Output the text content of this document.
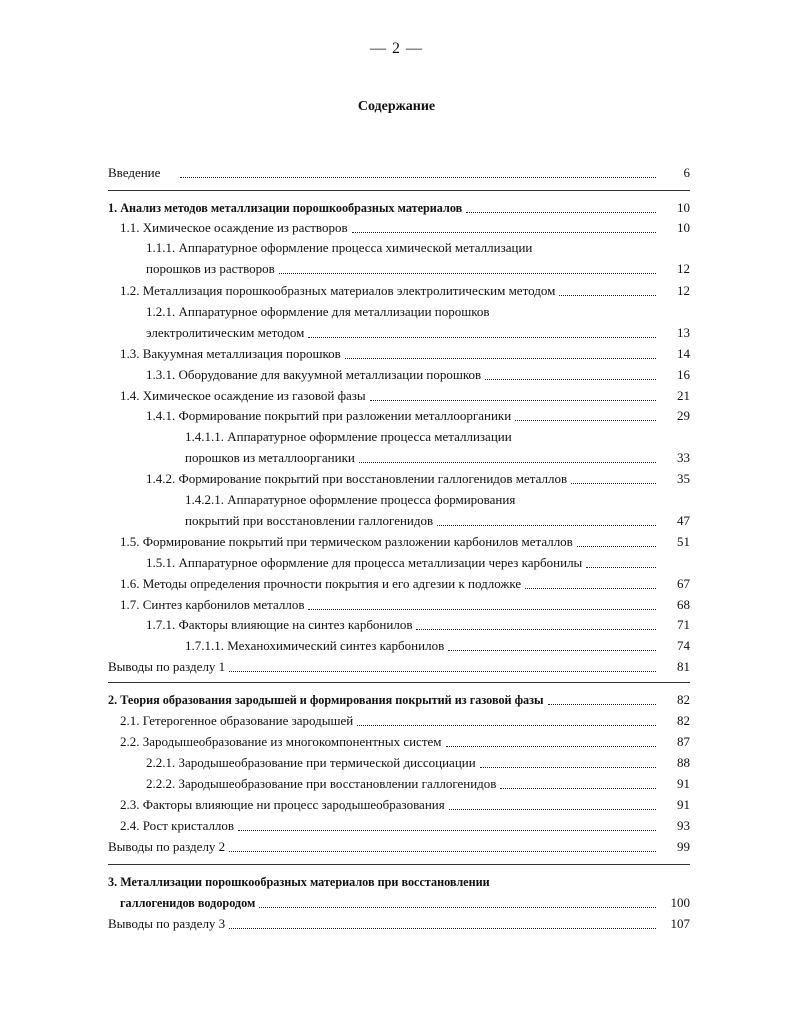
— 2 —
Содержание
Введение	6
1. Анализ методов металлизации порошкообразных материалов	10
1.1. Химическое осаждение из растворов	10
1.1.1. Аппаратурное оформление процесса химической металлизации
порошков из растворов	12
1.2. Металлизация порошкообразных материалов электролитическим методом	12
1.2.1. Аппаратурное оформление для металлизации порошков
электролитическим методом	13
1.3. Вакуумная металлизация порошков	14
1.3.1. Оборудование для вакуумной металлизации порошков	16
1.4. Химическое осаждение из газовой фазы	21
1.4.1. Формирование покрытий при разложении металлоорганики	29
1.4.1.1. Аппаратурное оформление процесса металлизации
порошков из металлоорганики	33
1.4.2. Формирование покрытий при восстановлении галлогенидов металлов	35
1.4.2.1. Аппаратурное оформление процесса формирования
покрытий при восстановлении галлогенидов	47
1.5. Формирование покрытий при термическом разложении карбонилов металлов	51
1.5.1. Аппаратурное оформление для процесса металлизации через карбонилы
1.6. Методы определения прочности покрытия и его адгезии к подложке	67
1.7. Синтез карбонилов металлов	68
1.7.1. Факторы влияющие на синтез карбонилов	71
1.7.1.1. Механохимический синтез карбонилов	74
Выводы по разделу 1	81
2. Теория образования зародышей и формирования покрытий из газовой фазы	82
2.1. Гетерогенное образование зародышей	82
2.2. Зародышеобразование из многокомпонентных систем	87
2.2.1. Зародышеобразование при термической диссоциации	88
2.2.2. Зародышеобразование при восстановлении галлогенидов	91
2.3. Факторы влияющие ни процесс зародышеобразования	91
2.4. Рост кристаллов	93
Выводы по разделу 2	99
3. Металлизации порошкообразных материалов при восстановлении
галлогенидов водородом	100
Выводы по разделу 3	107
